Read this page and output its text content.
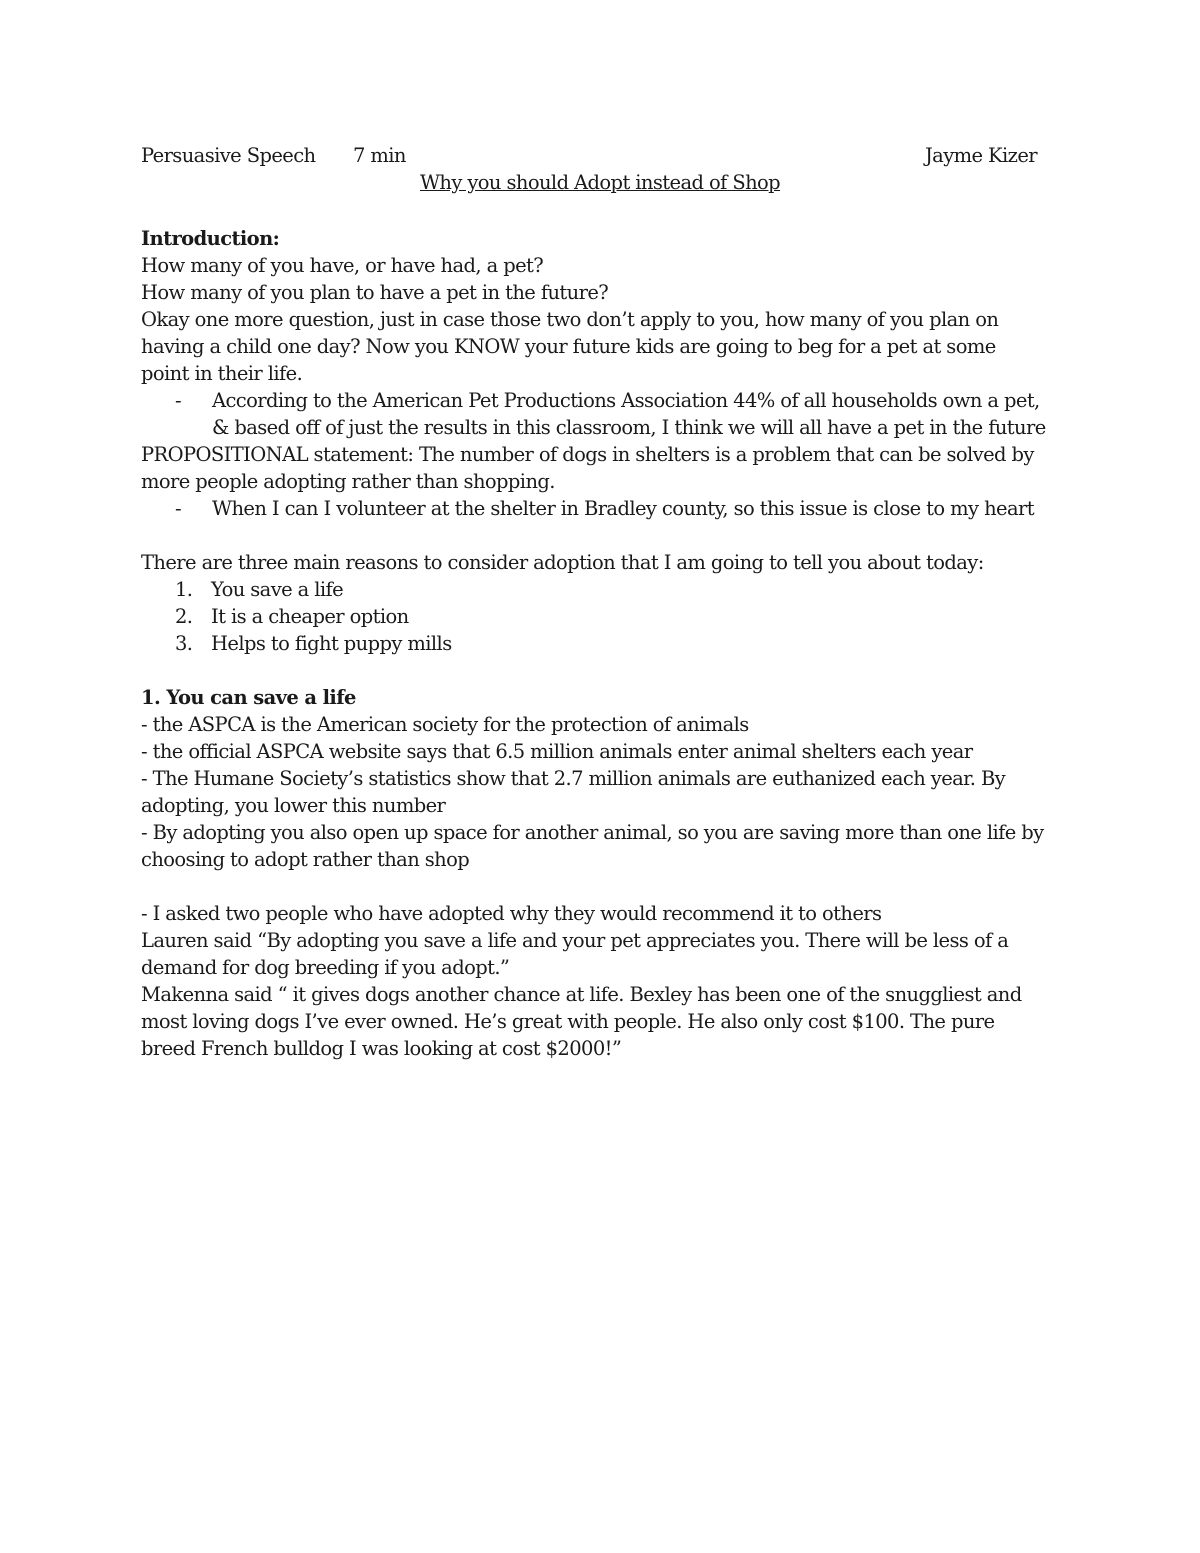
Persuasive Speech 7 min	Jayme Kizer
Why you should Adopt instead of Shop
Introduction:
How many of you have, or have had, a pet?
How many of you plan to have a pet in the future?
Okay one more question, just in case those two don’t apply to you, how many of you plan on
having a child one day? Now you KNOW your future kids are going to beg for a pet at some
point in their life.
- According to the American Pet Productions Association 44% of all households own a pet,
& based off of just the results in this classroom, I think we will all have a pet in the future
PROPOSITIONAL statement: The number of dogs in shelters is a problem that can be solved by
more people adopting rather than shopping.
- When I can I volunteer at the shelter in Bradley county, so this issue is close to my heart
There are three main reasons to consider adoption that I am going to tell you about today:
1. You save a life
2. It is a cheaper option
3. Helps to fight puppy mills
1. You can save a life
- the ASPCA is the American society for the protection of animals
- the official ASPCA website says that 6.5 million animals enter animal shelters each year
- The Humane Society’s statistics show that 2.7 million animals are euthanized each year. By
adopting, you lower this number
- By adopting you also open up space for another animal, so you are saving more than one life by
choosing to adopt rather than shop
- I asked two people who have adopted why they would recommend it to others
Lauren said “By adopting you save a life and your pet appreciates you. There will be less of a
demand for dog breeding if you adopt.”
Makenna said “ it gives dogs another chance at life. Bexley has been one of the snuggliest and
most loving dogs I’ve ever owned. He’s great with people. He also only cost $100. The pure
breed French bulldog I was looking at cost $2000!”
